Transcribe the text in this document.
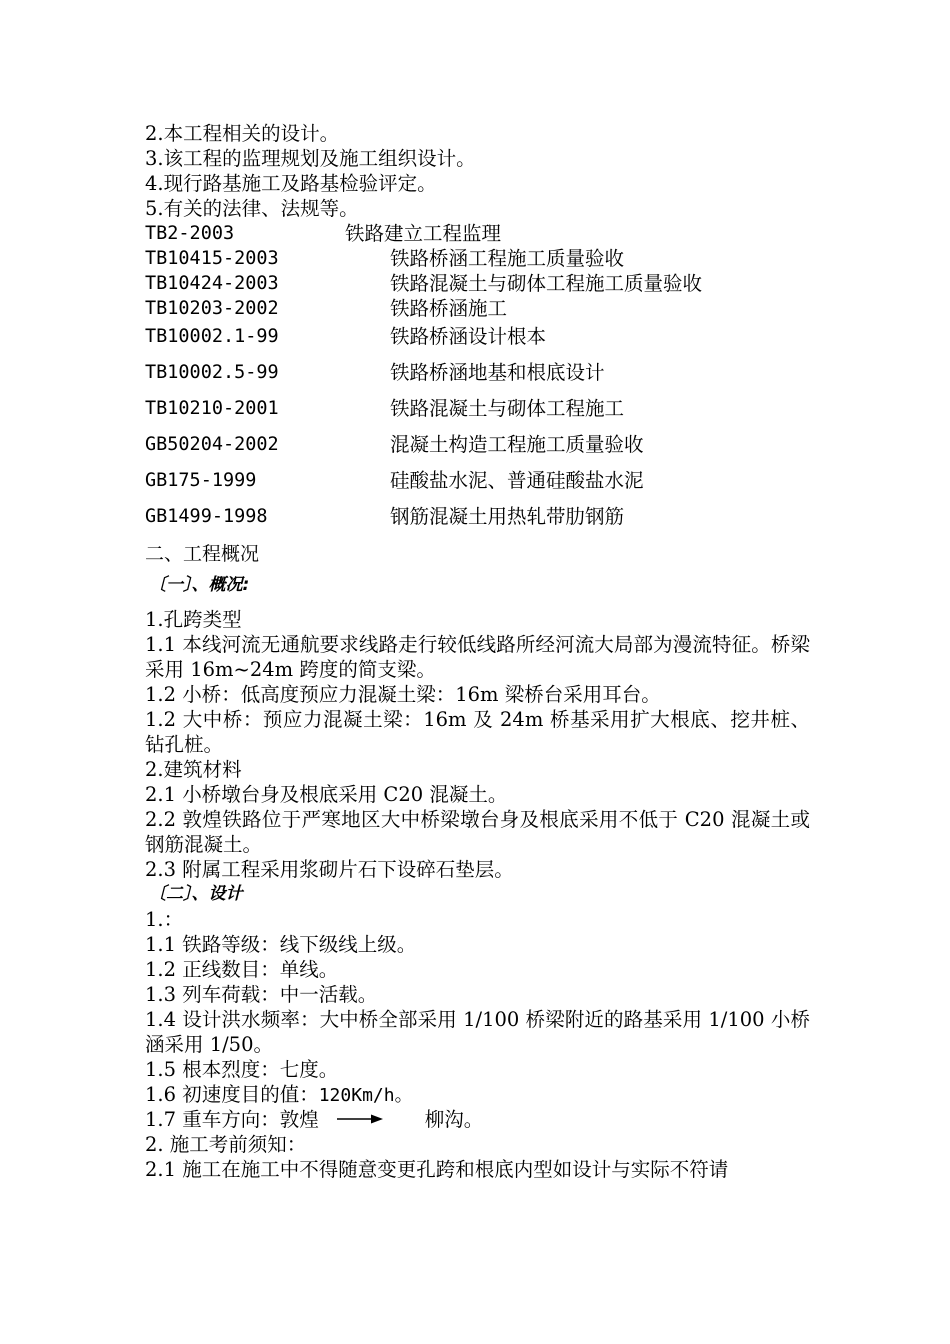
2.本工程相关的设计。
3.该工程的监理规划及施工组织设计。
4.现行路基施工及路基检验评定。
5.有关的法律、法规等。
TB2-2003	铁路建立工程监理
TB10415-2003	铁路桥涵工程施工质量验收
TB10424-2003	铁路混凝土与砌体工程施工质量验收
TB10203-2002	铁路桥涵施工
TB10002.1-99	铁路桥涵设计根本
TB10002.5-99	铁路桥涵地基和根底设计
TB10210-2001	铁路混凝土与砌体工程施工
GB50204-2002	混凝土构造工程施工质量验收
GB175-1999	硅酸盐水泥、普通硅酸盐水泥
GB1499-1998	钢筋混凝土用热轧带肋钢筋
二、工程概况
〔一〕、概况:
1.孔跨类型
1.1 本线河流无通航要求线路走行较低线路所经河流大局部为漫流特征。桥梁采用 16m~24m 跨度的简支梁。
1.2 小桥：低高度预应力混凝土梁：16m 梁桥台采用耳台。
1.2 大中桥：预应力混凝土梁：16m 及 24m 桥基采用扩大根底、挖井桩、钻孔桩。
2.建筑材料
2.1 小桥墩台身及根底采用 C20 混凝土。
2.2 敦煌铁路位于严寒地区大中桥梁墩台身及根底采用不低于 C20 混凝土或钢筋混凝土。
2.3 附属工程采用浆砌片石下设碎石垫层。
〔二〕、设计
1.：
1.1 铁路等级：线下级线上级。
1.2 正线数目：单线。
1.3 列车荷载：中一活载。
1.4 设计洪水频率：大中桥全部采用 1/100 桥梁附近的路基采用 1/100 小桥涵采用 1/50。
1.5 根本烈度：七度。
1.6 初速度目的值：120Km/h。
1.7 重车方向：敦煌	柳沟。
2. 施工考前须知：
2.1 施工在施工中不得随意变更孔跨和根底内型如设计与实际不符请
